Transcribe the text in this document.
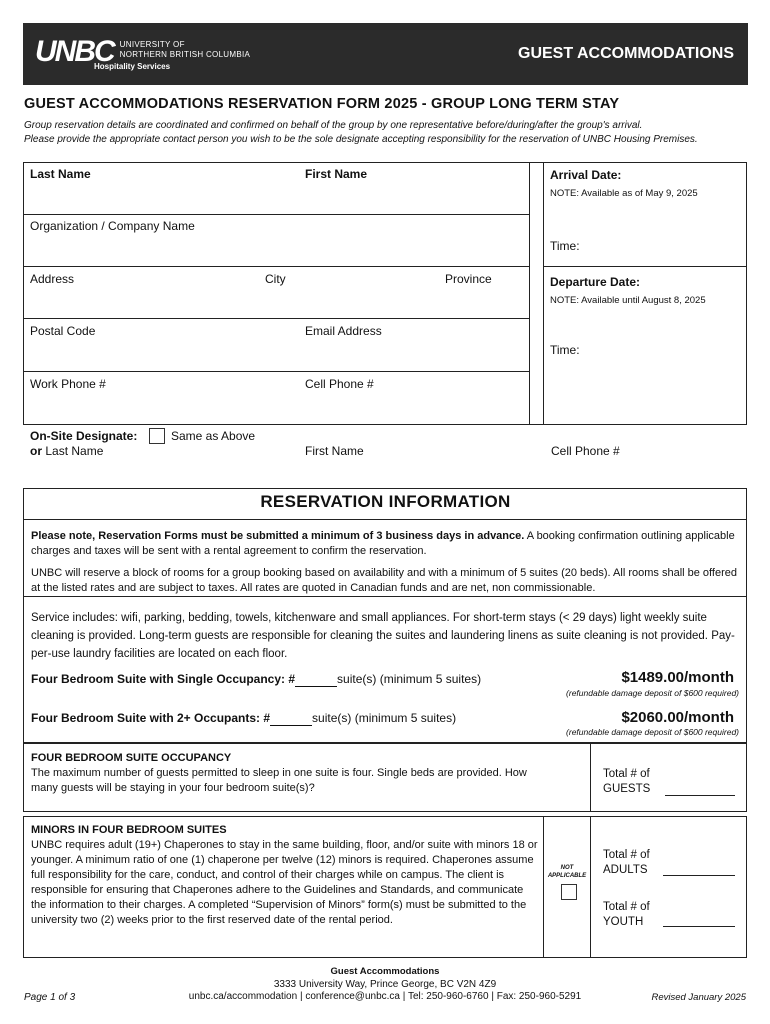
UNBC UNIVERSITY OF
NORTHERN BRITISH COLUMBIA
Hospitality Services
GUEST ACCOMMODATIONS
GUEST ACCOMMODATIONS RESERVATION FORM 2025 - GROUP LONG TERM STAY
Group reservation details are coordinated and confirmed on behalf of the group by one representative before/during/after the group's arrival.
Please provide the appropriate contact person you wish to be the sole designate accepting responsibility for the reservation of UNBC Housing Premises.
Last Name	First Name
Organization / Company Name
Address	City	Province
Postal Code	Email Address
Work Phone #	Cell Phone #
Arrival Date:
NOTE: Available as of May 9, 2025
Time:
Departure Date:
NOTE: Available until August 8, 2025
Time:
On-Site Designate:	Same as Above
or Last Name	First Name	Cell Phone #
RESERVATION INFORMATION
Please note, Reservation Forms must be submitted a minimum of 3 business days in advance. A booking confirmation outlining applicable charges and taxes will be sent with a rental agreement to confirm the reservation.
UNBC will reserve a block of rooms for a group booking based on availability and with a minimum of 5 suites (20 beds). All rooms shall be offered at the listed rates and are subject to taxes. All rates are quoted in Canadian funds and are net, non commissionable.
Service includes: wifi, parking, bedding, towels, kitchenware and small appliances. For short-term stays (< 29 days) light weekly suite cleaning is provided. Long-term guests are responsible for cleaning the suites and laundering linens as suite cleaning is not provided. Pay-per-use laundry facilities are located on each floor.
Four Bedroom Suite with Single Occupancy: #	suite(s) (minimum 5 suites)	$1489.00/month
(refundable damage deposit of $600 required)
Four Bedroom Suite with 2+ Occupants: #	suite(s) (minimum 5 suites)	$2060.00/month
(refundable damage deposit of $600 required)
FOUR BEDROOM SUITE OCCUPANCY
The maximum number of guests permitted to sleep in one suite is four. Single beds are provided. How many guests will be staying in your four bedroom suite(s)?
Total # of
GUESTS
MINORS IN FOUR BEDROOM SUITES
UNBC requires adult (19+) Chaperones to stay in the same building, floor, and/or suite with minors 18 or younger. A minimum ratio of one (1) chaperone per twelve (12) minors is required. Chaperones assume full responsibility for the care, conduct, and control of their charges while on campus. The client is responsible for ensuring that Chaperones adhere to the Guidelines and Standards, and communicate the information to their charges. A completed “Supervision of Minors” form(s) must be submitted to the university two (2) weeks prior to the first reserved date of the rental period.
NOT
APPLICABLE
Total # of
ADULTS
Total # of
YOUTH
Guest Accommodations
3333 University Way, Prince George, BC V2N 4Z9
unbc.ca/accommodation | conference@unbc.ca | Tel: 250-960-6760 | Fax: 250-960-5291
Page 1 of 3	Revised January 2025
